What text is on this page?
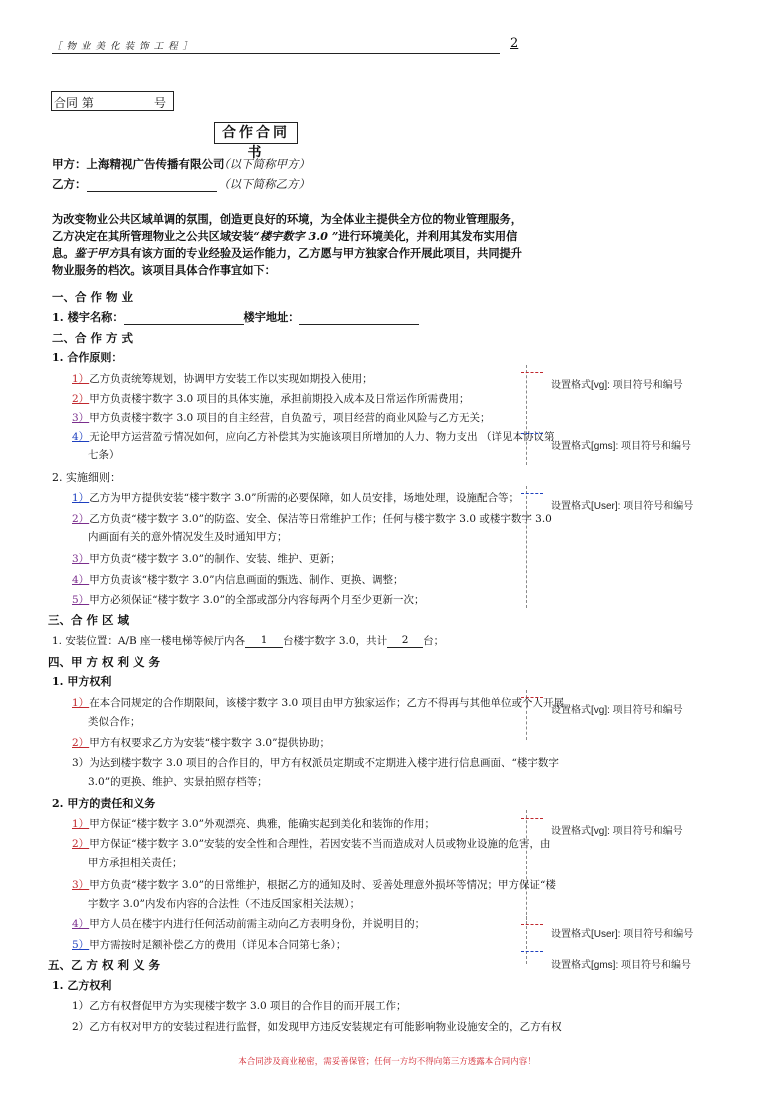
［ 物 业 美 化 装 饰 工 程 ］	2
合同 第	号
合作合同书
甲方：上海精视广告传播有限公司
（以下简称甲方）
乙方：	（以下简称乙方）
为改变物业公共区域单调的氛围，创造更良好的环境，为全体业主提供全方位的物业管理服务，乙方决定在其所管理物业之公共区域安装“楼宇数字 3.0 ”进行环境美化，并利用其发布实用信息。鉴于甲方具有该方面的专业经验及运作能力，乙方愿与甲方独家合作开展此项目，共同提升物业服务的档次。该项目具体合作事宜如下：
一、合 作 物 业
1. 楼宇名称：	楼宇地址：
二、合 作 方 式
1. 合作原则：
1）乙方负责统筹规划，协调甲方安装工作以实现如期投入使用；
2）甲方负责楼宇数字 3.0 项目的具体实施，承担前期投入成本及日常运作所需费用；
3）甲方负责楼宇数字 3.0 项目的自主经营，自负盈亏，项目经营的商业风险与乙方无关；
4）无论甲方运营盈亏情况如何，应向乙方补偿其为实施该项目所增加的人力、物力支出 （详见本协议第
七条）
2. 实施细则：
1）乙方为甲方提供安装“楼宇数字 3.0”所需的必要保障，如人员安排，场地处理，设施配合等；
2）乙方负责“楼宇数字 3.0”的防盗、安全、保洁等日常维护工作；任何与楼宇数字 3.0 或楼宇数字 3.0
内画面有关的意外情况发生及时通知甲方；
3）甲方负责“楼宇数字 3.0”的制作、安装、维护、更新；
4）甲方负责该“楼宇数字 3.0”内信息画面的甄选、制作、更换、调整；
5）甲方必须保证“楼宇数字 3.0”的全部或部分内容每两个月至少更新一次；
三、合 作 区 域
1. 安装位置：A/B 座一楼电梯等候厅内各 1 台楼宇数字 3.0，共计 2 台；
四、甲 方 权 利 义 务
1. 甲方权利
1）在本合同规定的合作期限间，该楼宇数字 3.0 项目由甲方独家运作；乙方不得再与其他单位或个人开展
类似合作；
2）甲方有权要求乙方为安装“楼宇数字 3.0”提供协助；
3）为达到楼宇数字 3.0 项目的合作目的，甲方有权派员定期或不定期进入楼宇进行信息画面、“楼宇数字
3.0”的更换、维护、实景拍照存档等；
2. 甲方的责任和义务
1）甲方保证“楼宇数字 3.0”外观漂亮、典雅，能确实起到美化和装饰的作用；
2）甲方保证“楼宇数字 3.0”安装的安全性和合理性，若因安装不当而造成对人员或物业设施的危害，由
甲方承担相关责任；
3）甲方负责“楼宇数字 3.0”的日常维护，根据乙方的通知及时、妥善处理意外损坏等情况；甲方保证“楼
宇数字 3.0”内发布内容的合法性（不违反国家相关法规）；
4）甲方人员在楼宇内进行任何活动前需主动向乙方表明身份，并说明目的；
5）甲方需按时足额补偿乙方的费用（详见本合同第七条）；
五、乙 方 权 利 义 务
1. 乙方权利
1）乙方有权督促甲方为实现楼宇数字 3.0 项目的合作目的而开展工作；
2）乙方有权对甲方的安装过程进行监督，如发现甲方违反安装规定有可能影响物业设施安全的，乙方有权
设置格式[vg]: 项目符号和编号
设置格式[gms]: 项目符号和编号
设置格式[User]: 项目符号和编号
设置格式[vg]: 项目符号和编号
设置格式[vg]: 项目符号和编号
设置格式[User]: 项目符号和编号
设置格式[gms]: 项目符号和编号
本合同涉及商业秘密，需妥善保管；任何一方均不得向第三方透露本合同内容！
